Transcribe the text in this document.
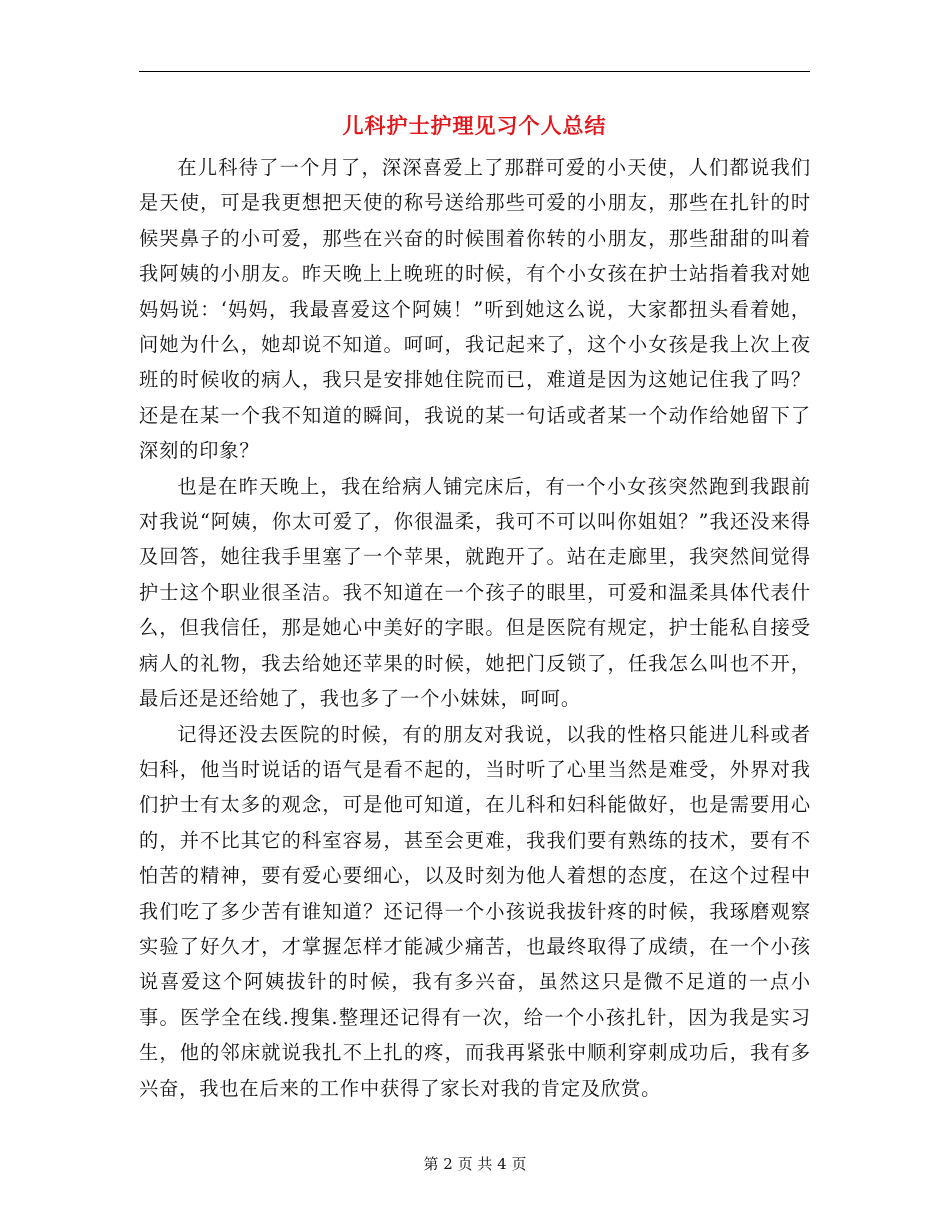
儿科护士护理见习个人总结

在儿科待了一个月了，深深喜爱上了那群可爱的小天使，人们都说我们是天使，可是我更想把天使的称号送给那些可爱的小朋友，那些在扎针的时候哭鼻子的小可爱，那些在兴奋的时候围着你转的小朋友，那些甜甜的叫着我阿姨的小朋友。昨天晚上上晚班的时候，有个小女孩在护士站指着我对她妈妈说：‘妈妈，我最喜爱这个阿姨！”听到她这么说，大家都扭头看着她，问她为什么，她却说不知道。呵呵，我记起来了，这个小女孩是我上次上夜班的时候收的病人，我只是安排她住院而已，难道是因为这她记住我了吗？还是在某一个我不知道的瞬间，我说的某一句话或者某一个动作给她留下了深刻的印象？

也是在昨天晚上，我在给病人铺完床后，有一个小女孩突然跑到我跟前对我说“阿姨，你太可爱了，你很温柔，我可不可以叫你姐姐？”我还没来得及回答，她往我手里塞了一个苹果，就跑开了。站在走廊里，我突然间觉得护士这个职业很圣洁。我不知道在一个孩子的眼里，可爱和温柔具体代表什么，但我信任，那是她心中美好的字眼。但是医院有规定，护士能私自接受病人的礼物，我去给她还苹果的时候，她把门反锁了，任我怎么叫也不开，最后还是还给她了，我也多了一个小妹妹，呵呵。

记得还没去医院的时候，有的朋友对我说，以我的性格只能进儿科或者妇科，他当时说话的语气是看不起的，当时听了心里当然是难受，外界对我们护士有太多的观念，可是他可知道，在儿科和妇科能做好，也是需要用心的，并不比其它的科室容易，甚至会更难，我我们要有熟练的技术，要有不怕苦的精神，要有爱心要细心，以及时刻为他人着想的态度，在这个过程中我们吃了多少苦有谁知道？还记得一个小孩说我拔针疼的时候，我琢磨观察实验了好久才，才掌握怎样才能减少痛苦，也最终取得了成绩，在一个小孩说喜爱这个阿姨拔针的时候，我有多兴奋，虽然这只是微不足道的一点小事。医学全在线.搜集.整理还记得有一次，给一个小孩扎针，因为我是实习生，他的邻床就说我扎不上扎的疼，而我再紧张中顺利穿刺成功后，我有多兴奋，我也在后来的工作中获得了家长对我的肯定及欣赏。

第 2 页 共 4 页
